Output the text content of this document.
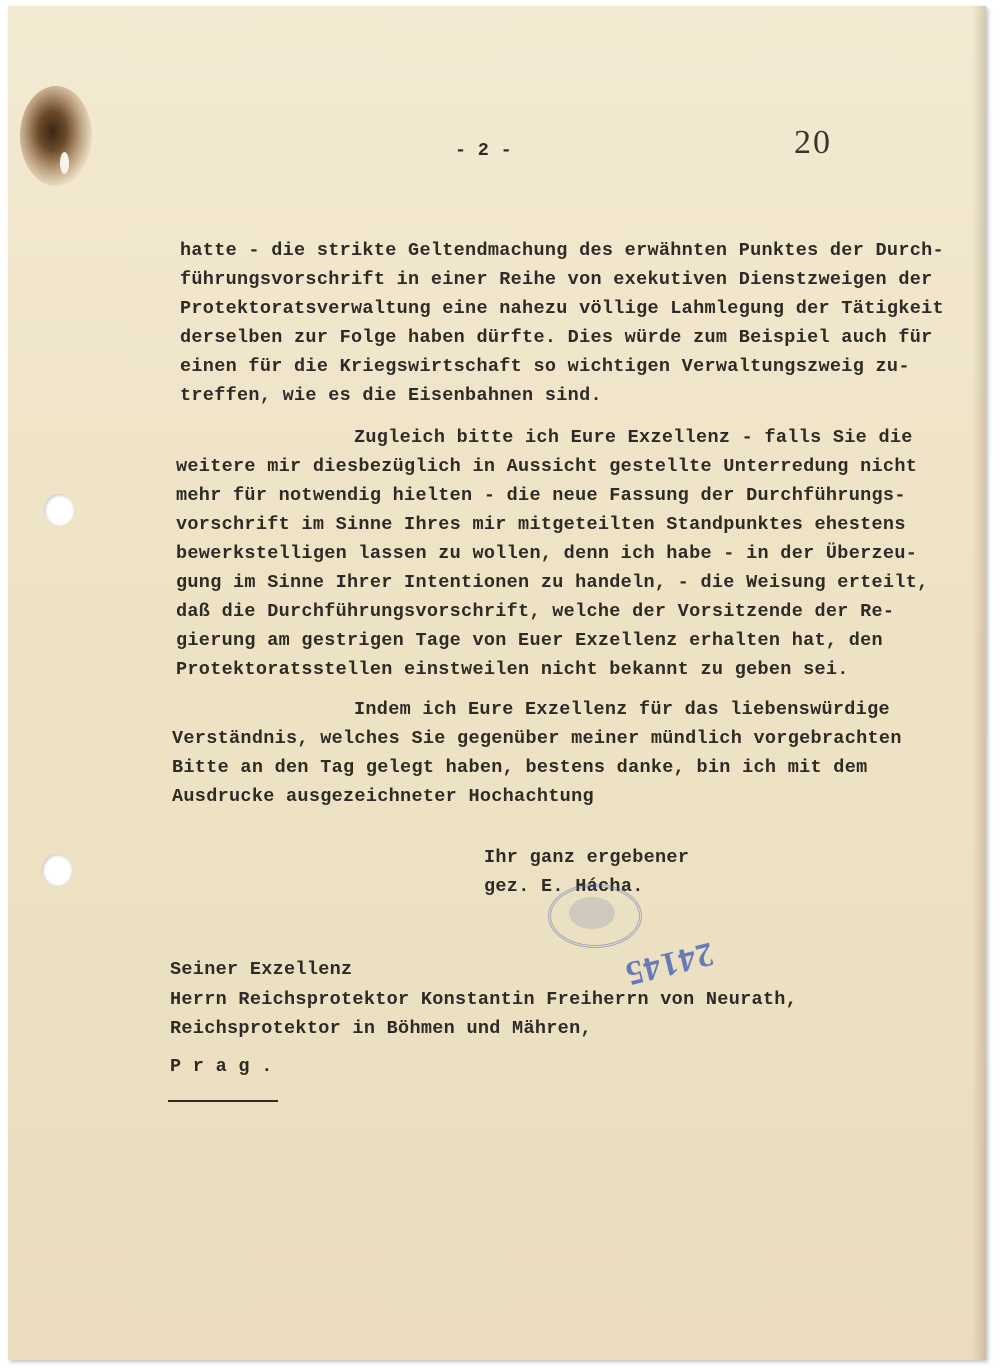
- 2 -	20
hatte - die strikte Geltendmachung des erwähnten Punktes der Durch-
führungsvorschrift in einer Reihe von exekutiven Dienstzweigen der
Protektoratsverwaltung eine nahezu völlige Lahmlegung der Tätigkeit
derselben zur Folge haben dürfte. Dies würde zum Beispiel auch für
einen für die Kriegswirtschaft so wichtigen Verwaltungszweig zu-
treffen, wie es die Eisenbahnen sind.
Zugleich bitte ich Eure Exzellenz - falls Sie die
weitere mir diesbezüglich in Aussicht gestellte Unterredung nicht
mehr für notwendig hielten - die neue Fassung der Durchführungs-
vorschrift im Sinne Ihres mir mitgeteilten Standpunktes ehestens
bewerkstelligen lassen zu wollen, denn ich habe - in der Überzeu-
gung im Sinne Ihrer Intentionen zu handeln, - die Weisung erteilt,
daß die Durchführungsvorschrift, welche der Vorsitzende der Re-
gierung am gestrigen Tage von Euer Exzellenz erhalten hat, den
Protektoratsstellen einstweilen nicht bekannt zu geben sei.
Indem ich Eure Exzellenz für das liebenswürdige
Verständnis, welches Sie gegenüber meiner mündlich vorgebrachten
Bitte an den Tag gelegt haben, bestens danke, bin ich mit dem
Ausdrucke ausgezeichneter Hochachtung
Ihr ganz ergebener
gez. E. Hácha.
24145
Seiner Exzellenz
Herrn Reichsprotektor Konstantin Freiherrn von Neurath,
Reichsprotektor in Böhmen und Mähren,
P r a g .
